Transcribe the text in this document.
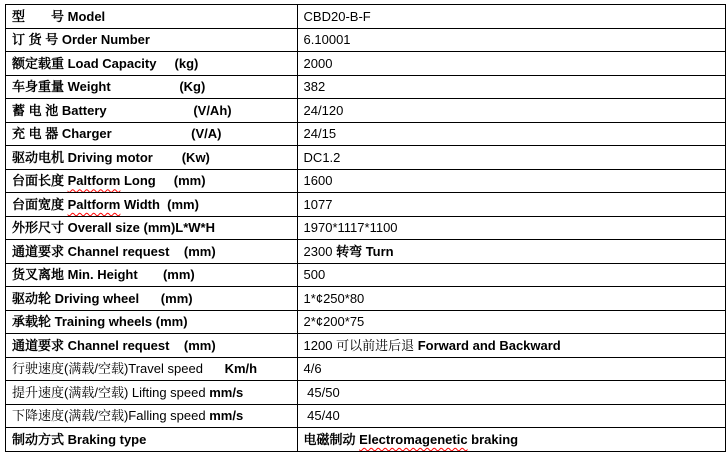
型　　号 Model	CBD20-B-F
订 货 号 Order Number	6.10001
额定载重 Load Capacity     (kg)	2000
车身重量 Weight                   (Kg)	382
蓄 电 池 Battery                        (V/Ah)	24/120
充 电 器 Charger                      (V/A)	24/15
驱动电机 Driving motor        (Kw)	DC1.2
台面长度 Paltform Long     (mm)	1600
台面宽度 Paltform Width  (mm)	1077
外形尺寸 Overall size (mm)L*W*H	1970*1117*1100
通道要求 Channel request    (mm)	2300 转弯 Turn
货叉离地 Min. Height       (mm)	500
驱动轮 Driving wheel      (mm)	1*¢250*80
承载轮 Training wheels (mm)	2*¢200*75
通道要求 Channel request    (mm)	1200 可以前进后退 Forward and Backward
行驶速度(满载/空载)Travel speed      Km/h	4/6
提升速度(满载/空载) Lifting speed mm/s	45/50
下降速度(满载/空载)Falling speed mm/s	45/40
制动方式 Braking type	电磁制动 Electromagenetic braking
